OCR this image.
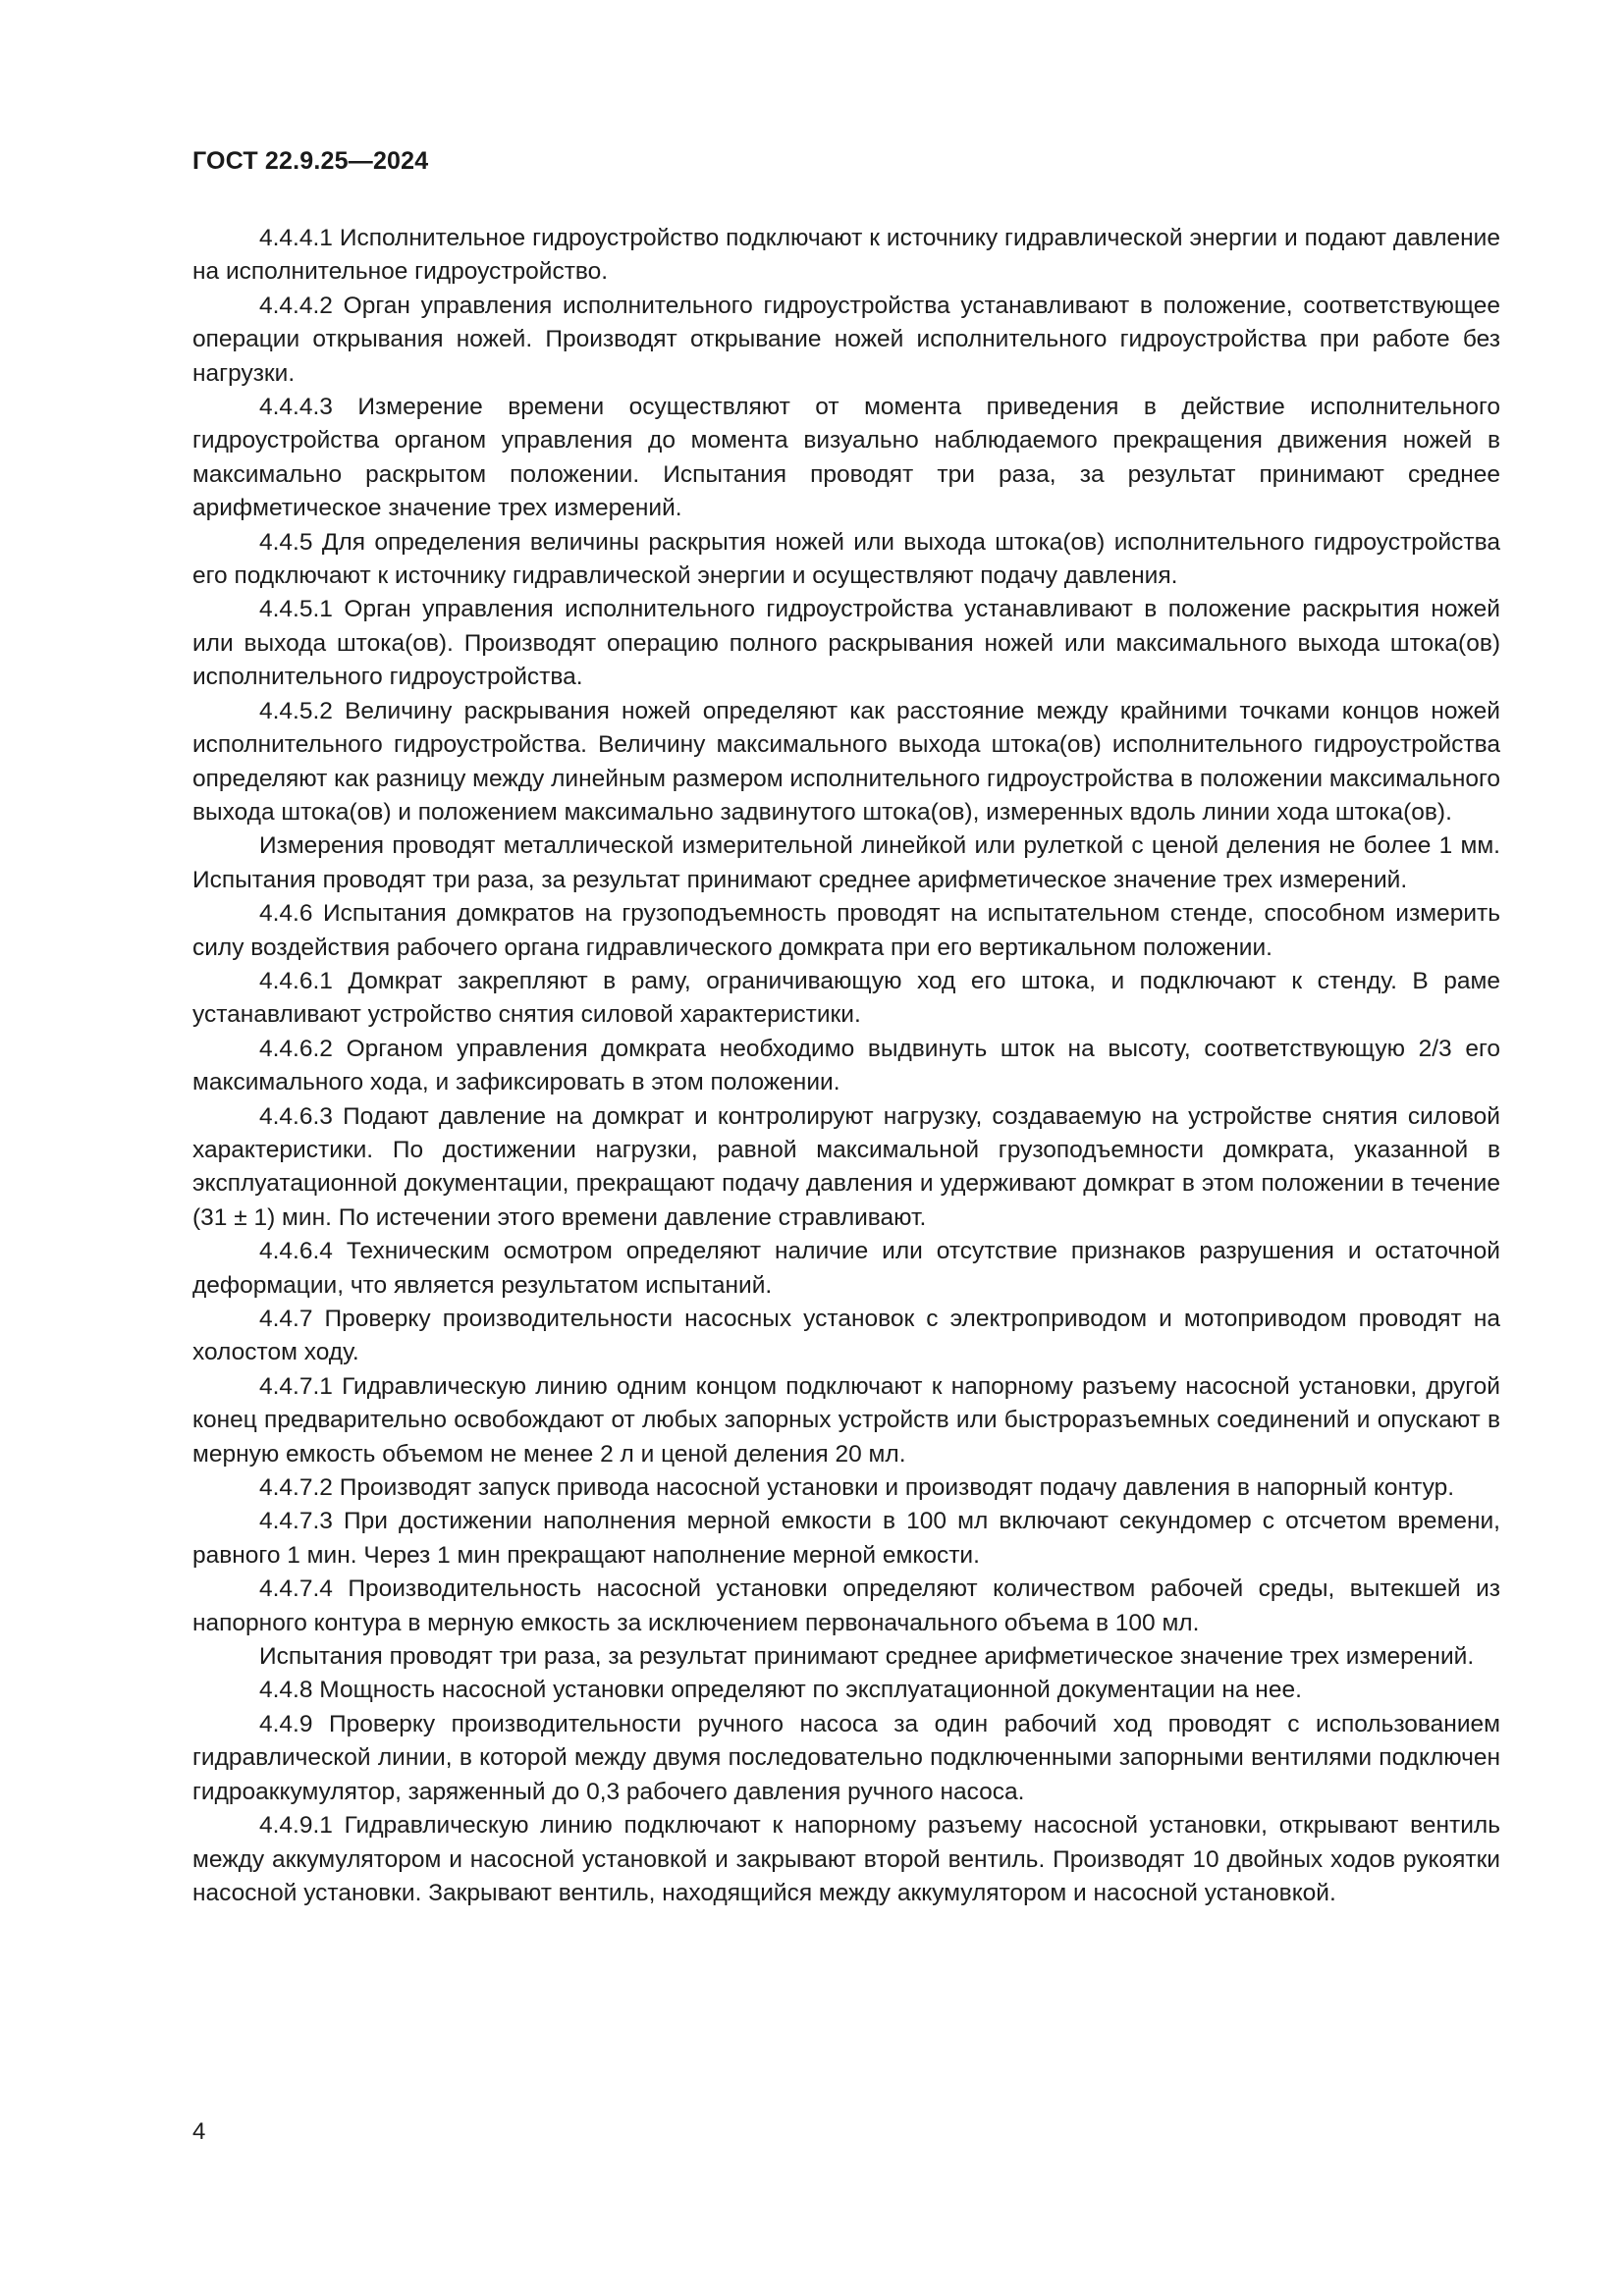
ГОСТ 22.9.25—2024

4.4.4.1 Исполнительное гидроустройство подключают к источнику гидравлической энергии и подают давление на исполнительное гидроустройство.

4.4.4.2 Орган управления исполнительного гидроустройства устанавливают в положение, соответствующее операции открывания ножей. Производят открывание ножей исполнительного гидроустройства при работе без нагрузки.

4.4.4.3 Измерение времени осуществляют от момента приведения в действие исполнительного гидроустройства органом управления до момента визуально наблюдаемого прекращения движения ножей в максимально раскрытом положении. Испытания проводят три раза, за результат принимают среднее арифметическое значение трех измерений.

4.4.5 Для определения величины раскрытия ножей или выхода штока(ов) исполнительного гидроустройства его подключают к источнику гидравлической энергии и осуществляют подачу давления.

4.4.5.1 Орган управления исполнительного гидроустройства устанавливают в положение раскрытия ножей или выхода штока(ов). Производят операцию полного раскрывания ножей или максимального выхода штока(ов) исполнительного гидроустройства.

4.4.5.2 Величину раскрывания ножей определяют как расстояние между крайними точками концов ножей исполнительного гидроустройства. Величину максимального выхода штока(ов) исполнительного гидроустройства определяют как разницу между линейным размером исполнительного гидроустройства в положении максимального выхода штока(ов) и положением максимально задвинутого штока(ов), измеренных вдоль линии хода штока(ов).

Измерения проводят металлической измерительной линейкой или рулеткой с ценой деления не более 1 мм. Испытания проводят три раза, за результат принимают среднее арифметическое значение трех измерений.

4.4.6 Испытания домкратов на грузоподъемность проводят на испытательном стенде, способном измерить силу воздействия рабочего органа гидравлического домкрата при его вертикальном положении.

4.4.6.1 Домкрат закрепляют в раму, ограничивающую ход его штока, и подключают к стенду. В раме устанавливают устройство снятия силовой характеристики.

4.4.6.2 Органом управления домкрата необходимо выдвинуть шток на высоту, соответствующую 2/3 его максимального хода, и зафиксировать в этом положении.

4.4.6.3 Подают давление на домкрат и контролируют нагрузку, создаваемую на устройстве снятия силовой характеристики. По достижении нагрузки, равной максимальной грузоподъемности домкрата, указанной в эксплуатационной документации, прекращают подачу давления и удерживают домкрат в этом положении в течение (31 ± 1) мин. По истечении этого времени давление стравливают.

4.4.6.4 Техническим осмотром определяют наличие или отсутствие признаков разрушения и остаточной деформации, что является результатом испытаний.

4.4.7 Проверку производительности насосных установок с электроприводом и мотоприводом проводят на холостом ходу.

4.4.7.1 Гидравлическую линию одним концом подключают к напорному разъему насосной установки, другой конец предварительно освобождают от любых запорных устройств или быстроразъемных соединений и опускают в мерную емкость объемом не менее 2 л и ценой деления 20 мл.

4.4.7.2 Производят запуск привода насосной установки и производят подачу давления в напорный контур.

4.4.7.3 При достижении наполнения мерной емкости в 100 мл включают секундомер с отсчетом времени, равного 1 мин. Через 1 мин прекращают наполнение мерной емкости.

4.4.7.4 Производительность насосной установки определяют количеством рабочей среды, вытекшей из напорного контура в мерную емкость за исключением первоначального объема в 100 мл.

Испытания проводят три раза, за результат принимают среднее арифметическое значение трех измерений.

4.4.8 Мощность насосной установки определяют по эксплуатационной документации на нее.

4.4.9 Проверку производительности ручного насоса за один рабочий ход проводят с использованием гидравлической линии, в которой между двумя последовательно подключенными запорными вентилями подключен гидроаккумулятор, заряженный до 0,3 рабочего давления ручного насоса.

4.4.9.1 Гидравлическую линию подключают к напорному разъему насосной установки, открывают вентиль между аккумулятором и насосной установкой и закрывают второй вентиль. Производят 10 двойных ходов рукоятки насосной установки. Закрывают вентиль, находящийся между аккумулятором и насосной установкой.

4
